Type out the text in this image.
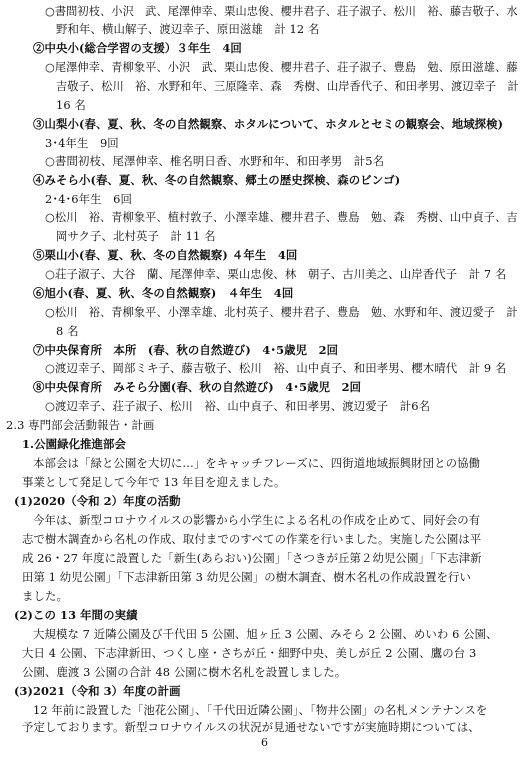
○書間初枝、小沢　武、尾澤伸幸、栗山忠俊、櫻井君子、荘子淑子、松川　裕、藤吉敬子、水
野和年、横山解子、渡辺幸子、原田滋雄　計 12 名
②中央小(総合学習の支援）３年生　4回
○尾澤伸幸、青柳象平、小沢　武、栗山忠俊、櫻井君子、荘子淑子、豊島　勉、原田滋雄、藤
吉敬子、松川　裕、水野和年、三原隆幸、森　秀樹、山岸香代子、和田孝男、渡辺幸子　計
16 名
③山梨小(春、夏、秋、冬の自然観察、ホタルについて、ホタルとセミの観察会、地域探検)
3･4年生　9回
○書間初枝、尾澤伸幸、椎名明日香、水野和年、和田孝男　計5名
④みそら小(春、夏、秋、冬の自然観察、郷土の歴史探検、森のビンゴ)
2･4･6年生　6回
○松川　裕、青柳象平、植村敦子、小澤幸雄、櫻井君子、豊島　勉、森　秀樹、山中貞子、吉
岡サク子、北村英子　計 11 名
⑤栗山小(春、夏、秋、冬の自然観察) ４年生　4回
○荘子淑子、大谷　蘭、尾澤伸幸、栗山忠俊、林　朝子、古川美之、山岸香代子　計 7 名
⑥旭小(春、夏、秋、冬の自然観察)　４年生　4回
○松川　裕、青柳象平、小澤幸雄、北村英子、櫻井君子、豊島　勉、水野和年、渡辺愛子　計
8 名
⑦中央保育所　本所　(春、秋の自然遊び)　4･5歳児　2回
○渡辺幸子、岡部ミキ子、藤吉敬子、松川　裕、山中貞子、和田孝男、櫻木晴代　計 9 名
⑧中央保育所　みそら分園(春、秋の自然遊び)　4･5歳児　2回
○渡辺幸子、荘子淑子、松川　裕、山中貞子、和田孝男、渡辺愛子　計6名
2.3 専門部会活動報告・計画
1.公園緑化推進部会
本部会は「緑と公園を大切に…」をキャッチフレーズに、四街道地域振興財団との協働
事業として発足して今年で 13 年目を迎えました。
(1)2020（令和 2）年度の活動
今年は、新型コロナウイルスの影響から小学生による名札の作成を止めて、同好会の有
志で樹木調査から名札の作成、取付までのすべての作業を行いました。実施した公園は平
成 26・27 年度に設置した「新生(あらおい)公園」「さつきが丘第２幼児公園」「下志津新
田第 1 幼児公園」「下志津新田第 3 幼児公園」の樹木調査、樹木名札の作成設置を行い
ました。
(2)この 13 年間の実績
大規模な 7 近隣公園及び千代田 5 公園、旭ヶ丘 3 公園、みそら 2 公園、めいわ 6 公園、
大日 4 公園、下志津新田、つくし座・さちが丘・細野中央、美しが丘 2 公園、鷹の台 3
公園、鹿渡 3 公園の合計 48 公園に樹木名札を設置しました。
(3)2021（令和 3）年度の計画
12 年前に設置した「池花公園」、「千代田近隣公園」、「物井公園」の名札メンテナンスを
予定しております。新型コロナウイルスの状況が見通せないですが実施時期については、
6
